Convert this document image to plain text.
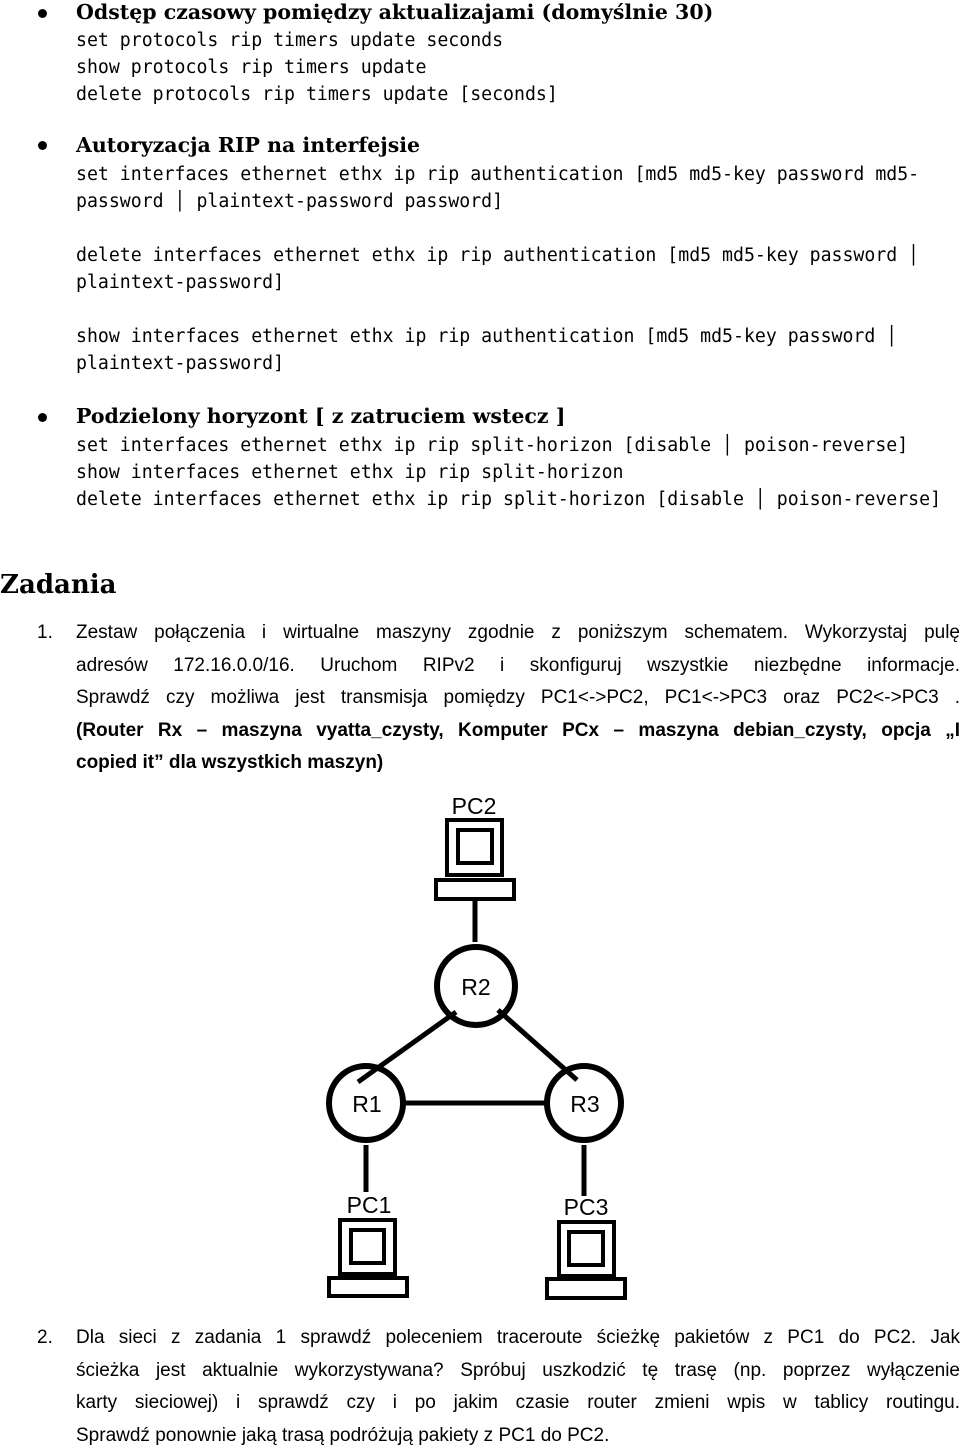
Odstęp czasowy pomiędzy aktualizajami (domyślnie 30)
set protocols rip timers update seconds
show protocols rip timers update
delete protocols rip timers update [seconds]
Autoryzacja RIP na interfejsie
set interfaces ethernet ethx ip rip authentication [md5 md5-key password md5-
password │ plaintext-password password]
delete interfaces ethernet ethx ip rip authentication [md5 md5-key password │
plaintext-password]
show interfaces ethernet ethx ip rip authentication [md5 md5-key password │
plaintext-password]
Podzielony horyzont [ z zatruciem wstecz ]
set interfaces ethernet ethx ip rip split-horizon [disable │ poison-reverse]
show interfaces ethernet ethx ip rip split-horizon
delete interfaces ethernet ethx ip rip split-horizon [disable │ poison-reverse]
Zadania
1. Zestaw połączenia i wirtualne maszyny zgodnie z poniższym schematem. Wykorzystaj pulę
adresów 172.16.0.0/16. Uruchom RIPv2 i skonfiguruj wszystkie niezbędne informacje.
Sprawdź czy możliwa jest transmisja pomiędzy PC1<->PC2, PC1<->PC3 oraz PC2<->PC3 .
(Router Rx – maszyna vyatta_czysty, Komputer PCx – maszyna debian_czysty, opcja „I
copied it” dla wszystkich maszyn)
PC2
R2
R1	R3
PC1	PC3
2. Dla sieci z zadania 1 sprawdź poleceniem traceroute ścieżkę pakietów z PC1 do PC2. Jak
ścieżka jest aktualnie wykorzystywana? Spróbuj uszkodzić tę trasę (np. poprzez wyłączenie
karty sieciowej) i sprawdź czy i po jakim czasie router zmieni wpis w tablicy routingu.
Sprawdź ponownie jaką trasą podróżują pakiety z PC1 do PC2.
